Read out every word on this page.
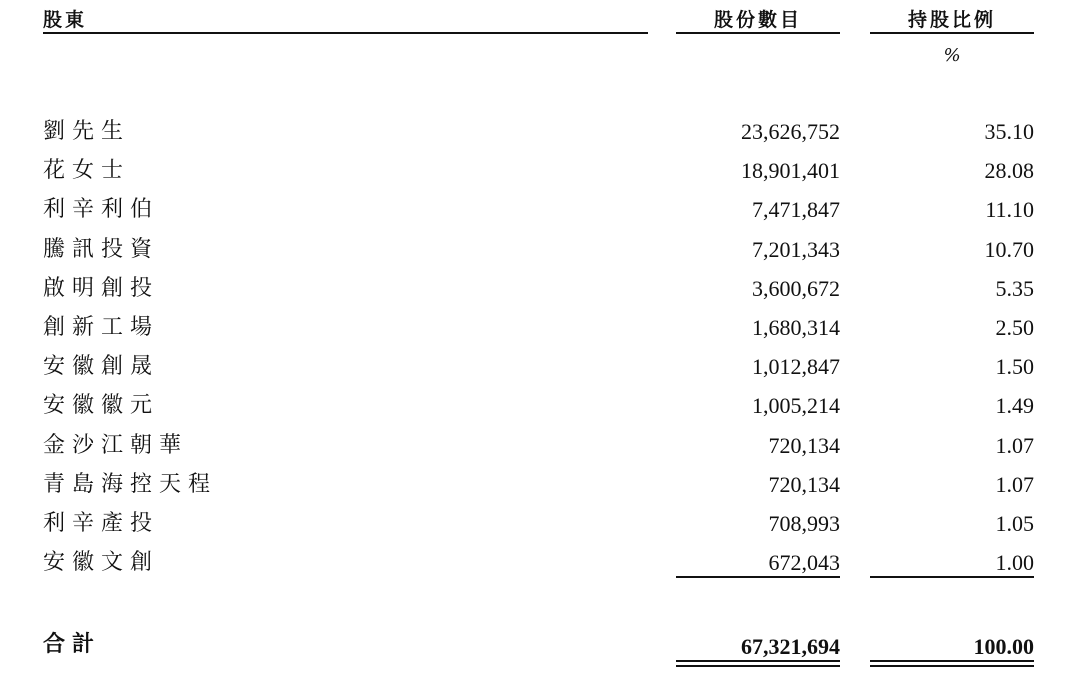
股東	股份數目	持股比例
%
劉先生	23,626,752	35.10
花女士	18,901,401	28.08
利辛利伯	7,471,847	11.10
騰訊投資	7,201,343	10.70
啟明創投	3,600,672	5.35
創新工場	1,680,314	2.50
安徽創晟	1,012,847	1.50
安徽徽元	1,005,214	1.49
金沙江朝華	720,134	1.07
青島海控天程	720,134	1.07
利辛產投	708,993	1.05
安徽文創	672,043	1.00
合計	67,321,694	100.00
